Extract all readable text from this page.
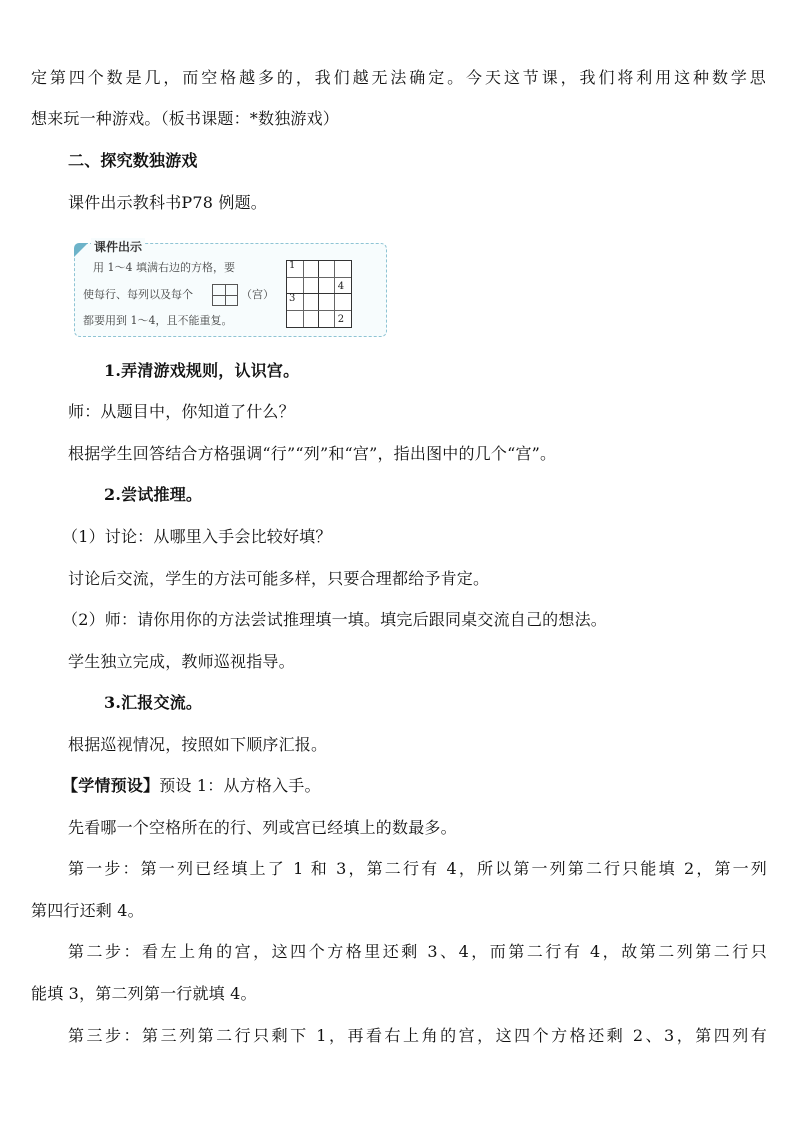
定第四个数是几，而空格越多的，我们越无法确定。今天这节课，我们将利用这种数学思
想来玩一种游戏。（板书课题：*数独游戏）
二、探究数独游戏
课件出示教科书P78 例题。
课件出示
用 1～4 填满右边的方格，要
使每行、每列以及每个	（宫）
都要用到 1～4，且不能重复。
1
4
3
2
1.弄清游戏规则，认识宫。
师：从题目中，你知道了什么？
根据学生回答结合方格强调“行”“列”和“宫”，指出图中的几个“宫”。
2.尝试推理。
（1）讨论：从哪里入手会比较好填？
讨论后交流，学生的方法可能多样，只要合理都给予肯定。
（2）师：请你用你的方法尝试推理填一填。填完后跟同桌交流自己的想法。
学生独立完成，教师巡视指导。
3.汇报交流。
根据巡视情况，按照如下顺序汇报。
【学情预设】预设 1：从方格入手。
先看哪一个空格所在的行、列或宫已经填上的数最多。
第一步：第一列已经填上了 1 和 3，第二行有 4，所以第一列第二行只能填 2，第一列
第四行还剩 4。
第二步：看左上角的宫，这四个方格里还剩 3、4，而第二行有 4，故第二列第二行只
能填 3，第二列第一行就填 4。
第三步：第三列第二行只剩下 1，再看右上角的宫，这四个方格还剩 2、3，第四列有
